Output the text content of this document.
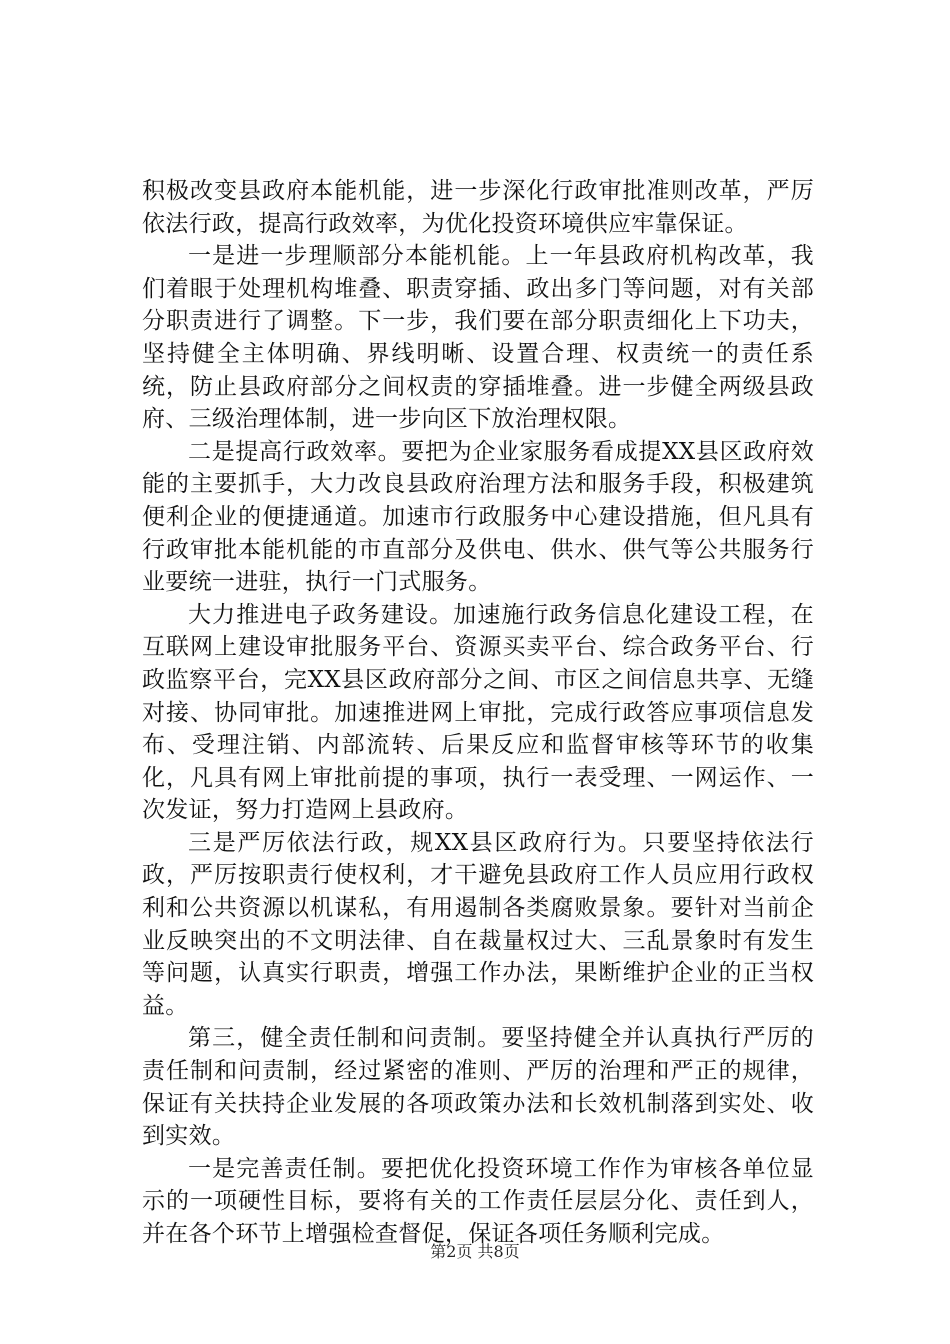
积极改变县政府本能机能，进一步深化行政审批准则改革，严厉依法行政，提高行政效率，为优化投资环境供应牢靠保证。

一是进一步理顺部分本能机能。上一年县政府机构改革，我们着眼于处理机构堆叠、职责穿插、政出多门等问题，对有关部分职责进行了调整。下一步，我们要在部分职责细化上下功夫，坚持健全主体明确、界线明晰、设置合理、权责统一的责任系统，防止县政府部分之间权责的穿插堆叠。进一步健全两级县政府、三级治理体制，进一步向区下放治理权限。

二是提高行政效率。要把为企业家服务看成提XX县区政府效能的主要抓手，大力改良县政府治理方法和服务手段，积极建筑便利企业的便捷通道。加速市行政服务中心建设措施，但凡具有行政审批本能机能的市直部分及供电、供水、供气等公共服务行业要统一进驻，执行一门式服务。

大力推进电子政务建设。加速施行政务信息化建设工程，在互联网上建设审批服务平台、资源买卖平台、综合政务平台、行政监察平台，完XX县区政府部分之间、市区之间信息共享、无缝对接、协同审批。加速推进网上审批，完成行政答应事项信息发布、受理注销、内部流转、后果反应和监督审核等环节的收集化，凡具有网上审批前提的事项，执行一表受理、一网运作、一次发证，努力打造网上县政府。

三是严厉依法行政，规XX县区政府行为。只要坚持依法行政，严厉按职责行使权利，才干避免县政府工作人员应用行政权利和公共资源以机谋私，有用遏制各类腐败景象。要针对当前企业反映突出的不文明法律、自在裁量权过大、三乱景象时有发生等问题，认真实行职责，增强工作办法，果断维护企业的正当权益。

第三，健全责任制和问责制。要坚持健全并认真执行严厉的责任制和问责制，经过紧密的准则、严厉的治理和严正的规律，保证有关扶持企业发展的各项政策办法和长效机制落到实处、收到实效。

一是完善责任制。要把优化投资环境工作作为审核各单位显示的一项硬性目标，要将有关的工作责任层层分化、责任到人，并在各个环节上增强检查督促，保证各项任务顺利完成。

第2页 共8页
